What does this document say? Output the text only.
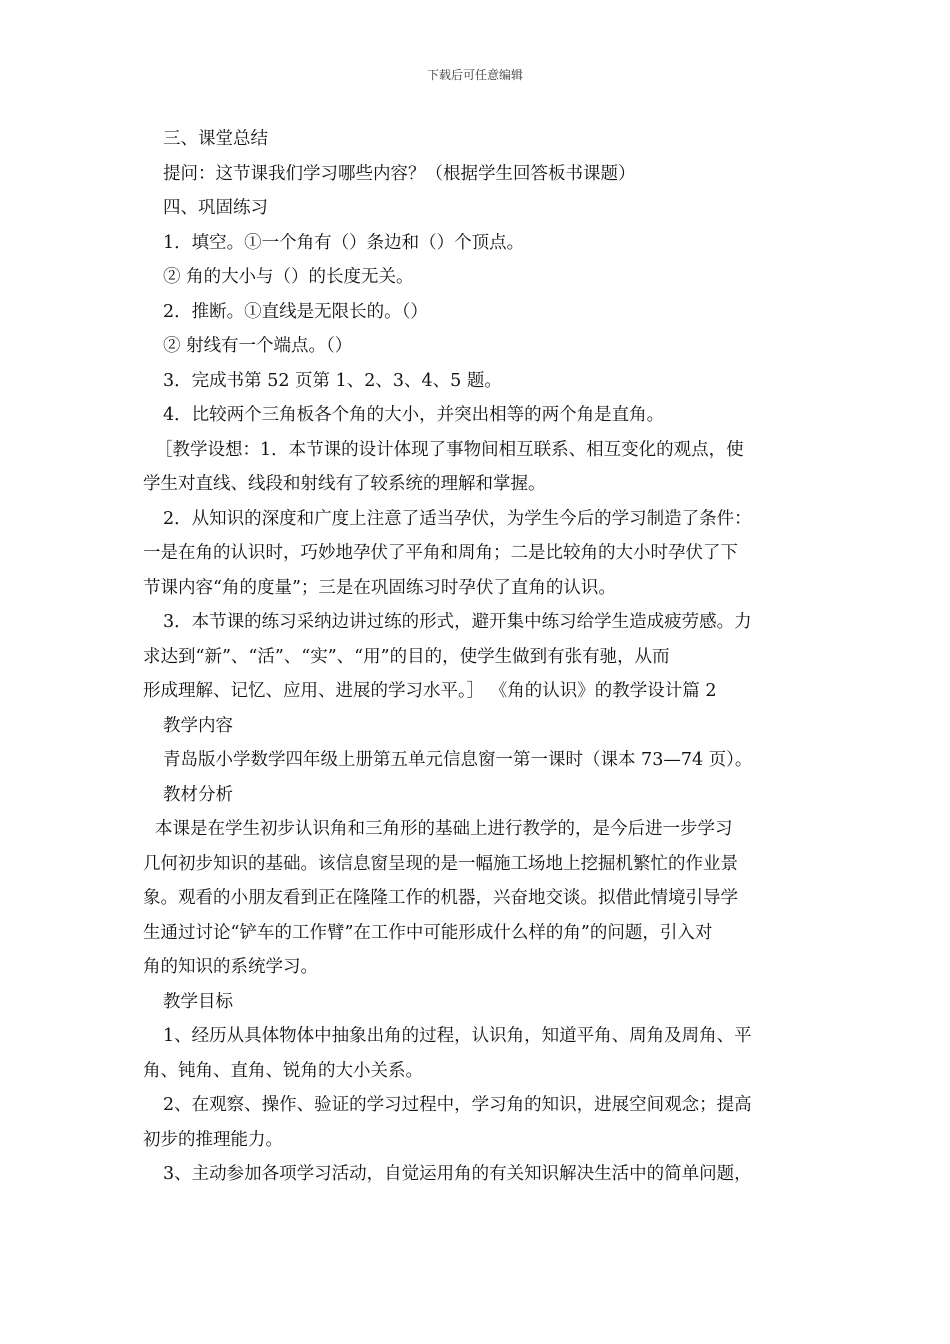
下载后可任意编辑

三、课堂总结

提问：这节课我们学习哪些内容？（根据学生回答板书课题）

四、巩固练习

1．填空。①一个角有（）条边和（）个顶点。

② 角的大小与（）的长度无关。

2．推断。①直线是无限长的。（）

② 射线有一个端点。（）

3．完成书第 52 页第 1、2、3、4、5 题。

4．比较两个三角板各个角的大小，并突出相等的两个角是直角。

［教学设想：1．本节课的设计体现了事物间相互联系、相互变化的观点，使

学生对直线、线段和射线有了较系统的理解和掌握。

2．从知识的深度和广度上注意了适当孕伏，为学生今后的学习制造了条件：

一是在角的认识时，巧妙地孕伏了平角和周角；二是比较角的大小时孕伏了下

节课内容“角的度量”；三是在巩固练习时孕伏了直角的认识。

3．本节课的练习采纳边讲过练的形式，避开集中练习给学生造成疲劳感。力

求达到“新”、“活”、“实”、“用”的目的，使学生做到有张有驰，从而

形成理解、记忆、应用、进展的学习水平。］ 《角的认识》的教学设计篇 2

教学内容

青岛版小学数学四年级上册第五单元信息窗一第一课时（课本 73—74 页）。

教材分析

本课是在学生初步认识角和三角形的基础上进行教学的，是今后进一步学习

几何初步知识的基础。该信息窗呈现的是一幅施工场地上挖掘机繁忙的作业景

象。观看的小朋友看到正在隆隆工作的机器，兴奋地交谈。拟借此情境引导学

生通过讨论“铲车的工作臂”在工作中可能形成什么样的角”的问题，引入对

角的知识的系统学习。

教学目标

1、经历从具体物体中抽象出角的过程，认识角，知道平角、周角及周角、平

角、钝角、直角、锐角的大小关系。

2、在观察、操作、验证的学习过程中，学习角的知识，进展空间观念；提高

初步的推理能力。

3、主动参加各项学习活动，自觉运用角的有关知识解决生活中的简单问题，
